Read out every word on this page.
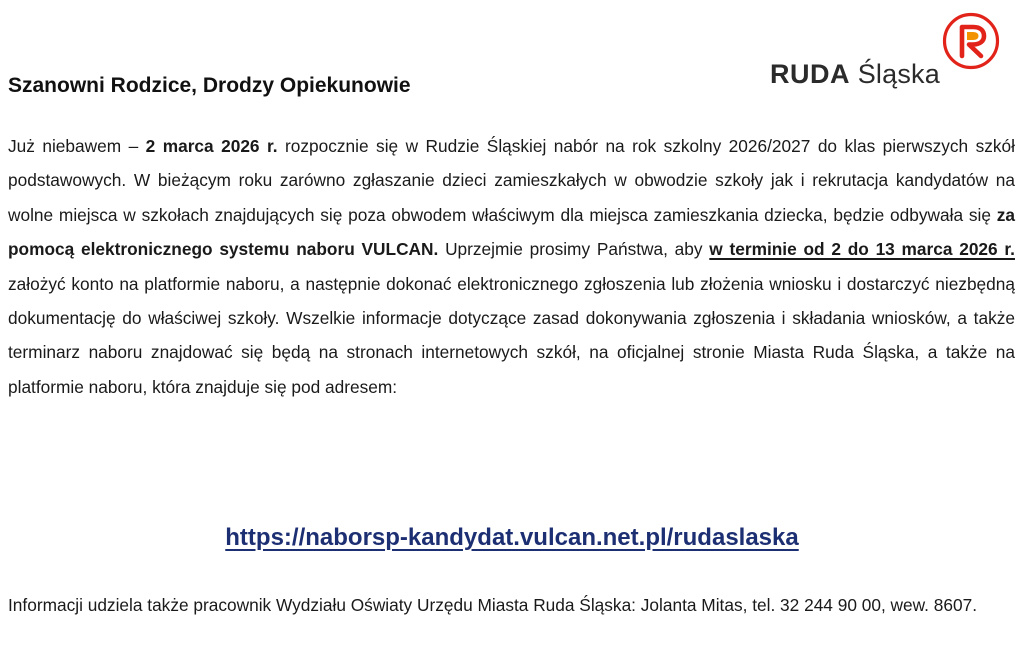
RUDA Śląska
Szanowni Rodzice, Drodzy Opiekunowie

Już niebawem – 2 marca 2026 r. rozpocznie się w Rudzie Śląskiej nabór na rok szkolny 2026/2027 do klas pierwszych szkół podstawowych. W bieżącym roku zarówno zgłaszanie dzieci zamieszkałych w obwodzie szkoły jak i rekrutacja kandydatów na wolne miejsca w szkołach znajdujących się poza obwodem właściwym dla miejsca zamieszkania dziecka, będzie odbywała się za pomocą elektronicznego systemu naboru VULCAN. Uprzejmie prosimy Państwa, aby w terminie od 2 do 13 marca 2026 r. założyć konto na platformie naboru, a następnie dokonać elektronicznego zgłoszenia lub złożenia wniosku i dostarczyć niezbędną dokumentację do właściwej szkoły. Wszelkie informacje dotyczące zasad dokonywania zgłoszenia i składania wniosków, a także terminarz naboru znajdować się będą na stronach internetowych szkół, na oficjalnej stronie Miasta Ruda Śląska, a także na platformie naboru, która znajduje się pod adresem:

https://naborsp-kandydat.vulcan.net.pl/rudaslaska

Informacji udziela także pracownik Wydziału Oświaty Urzędu Miasta Ruda Śląska: Jolanta Mitas, tel. 32 244 90 00, wew. 8607.
